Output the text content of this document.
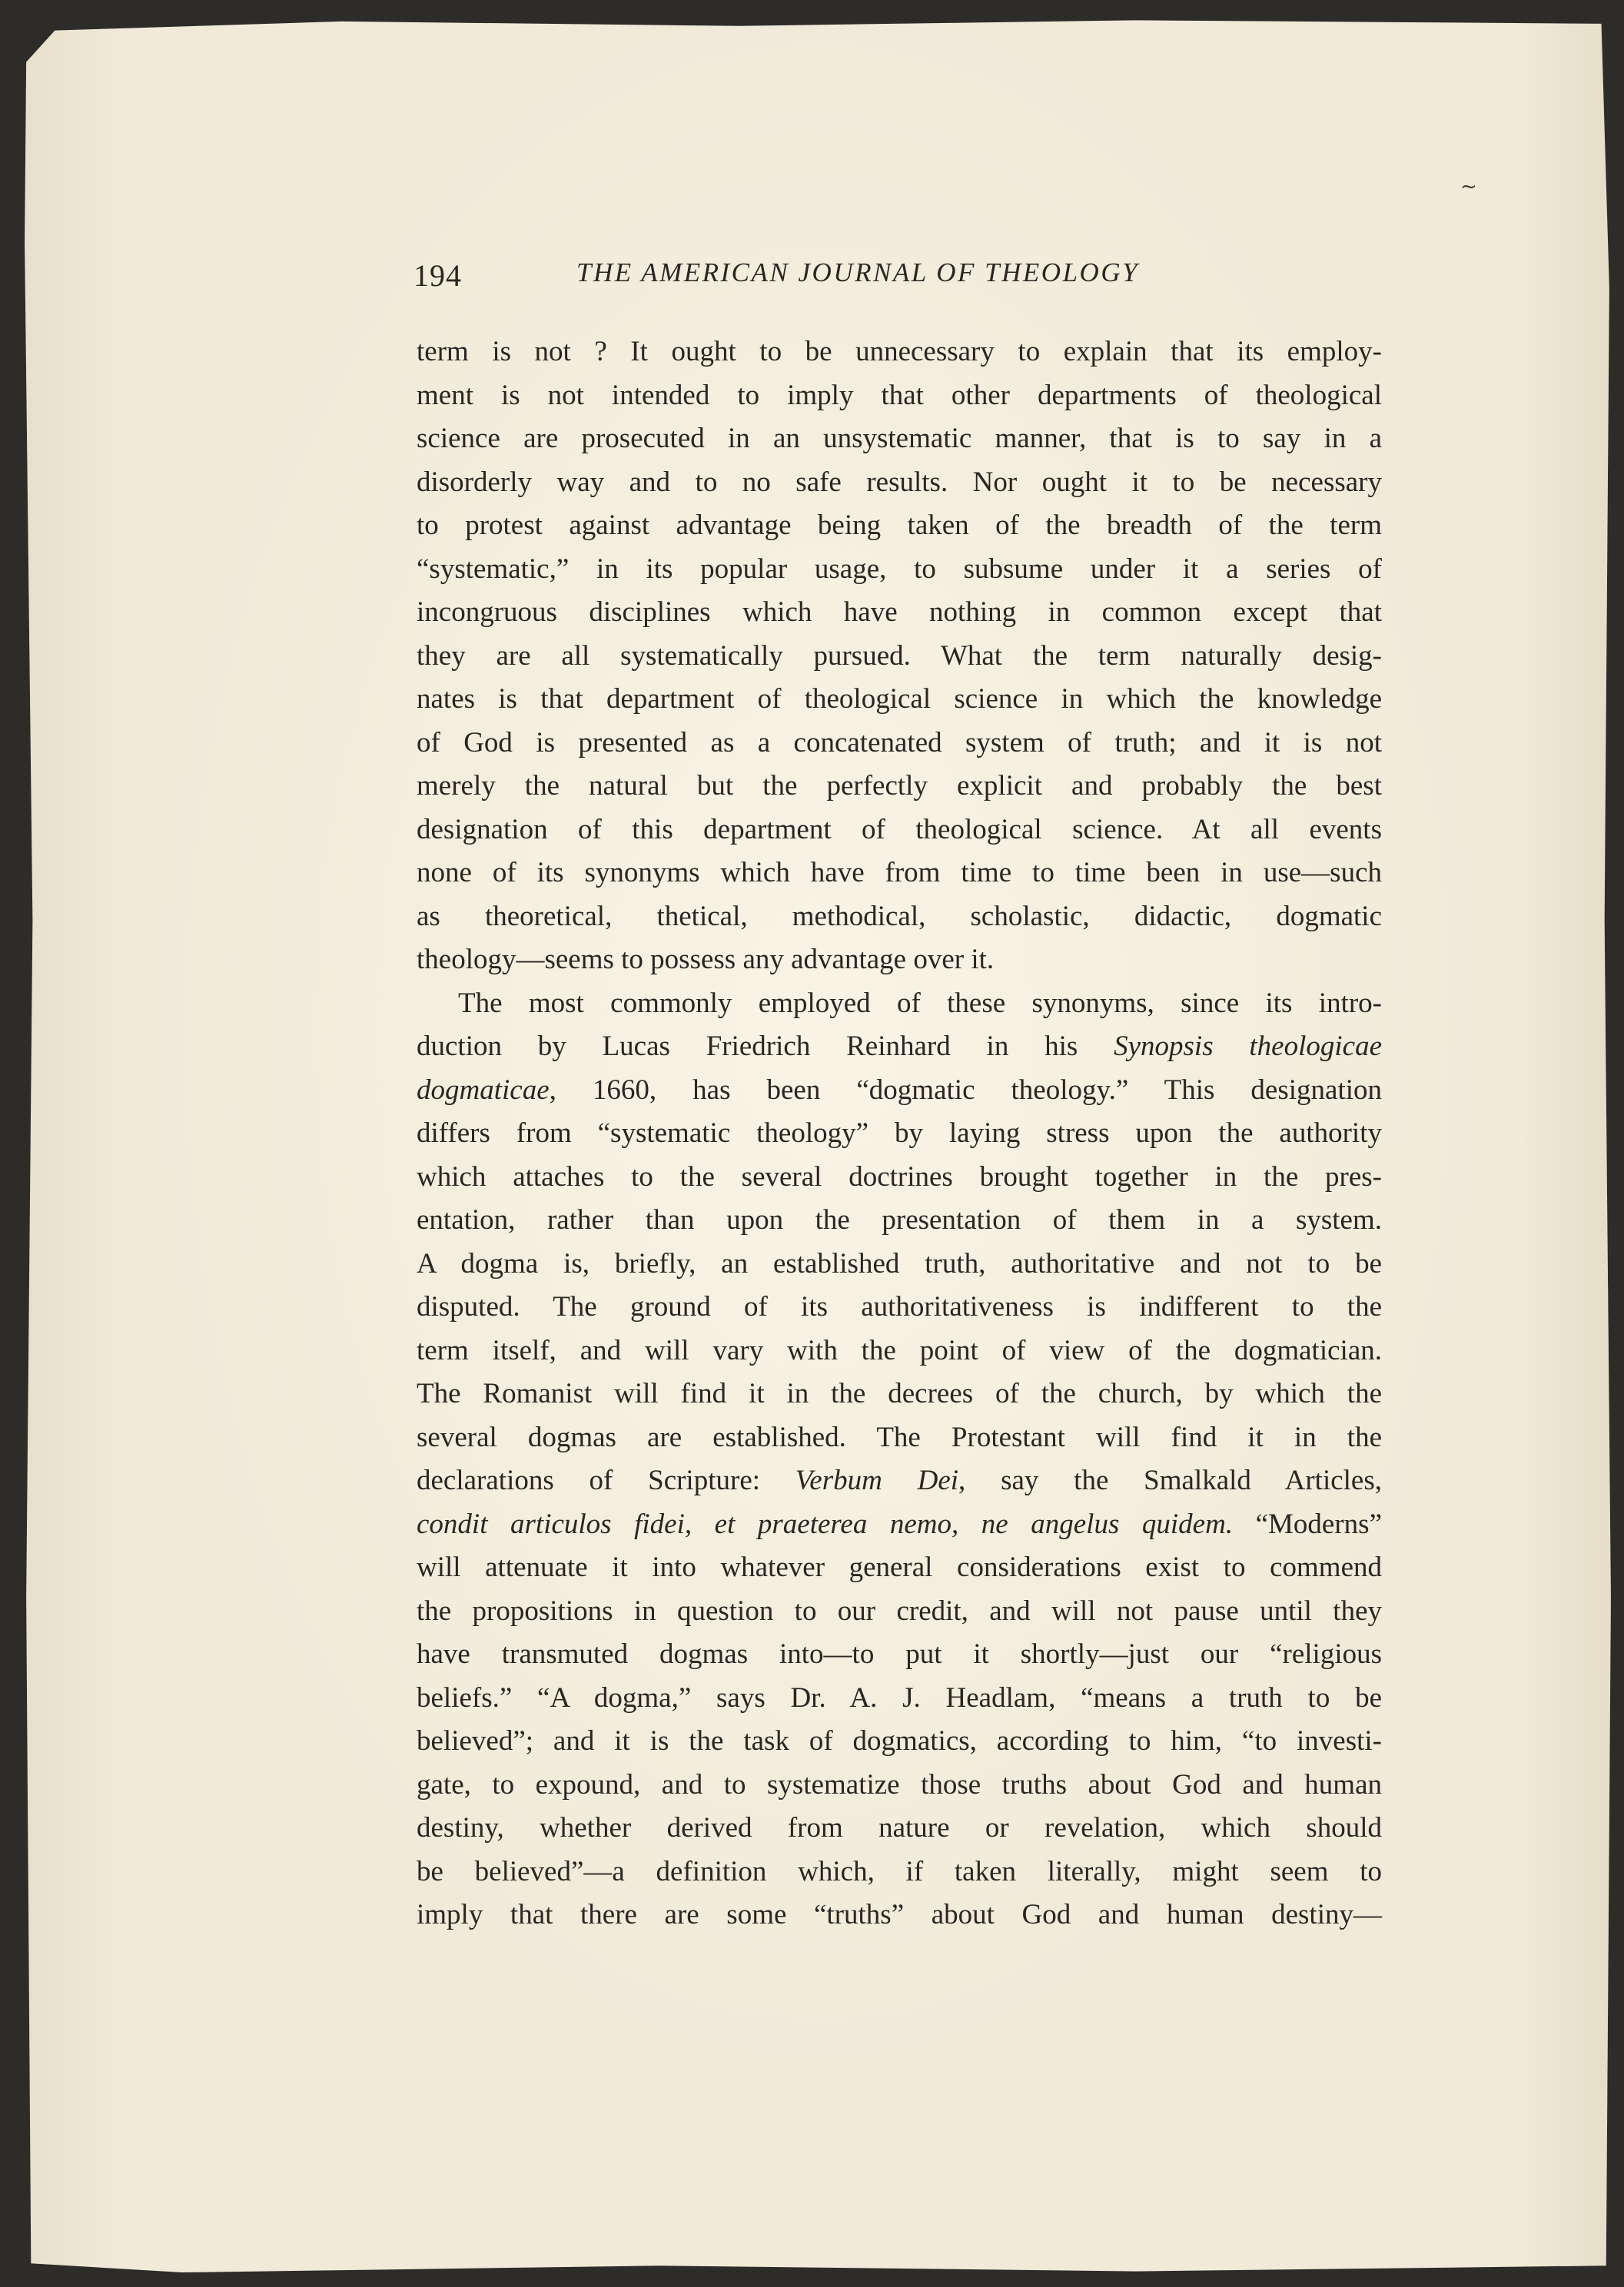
~
194	THE AMERICAN JOURNAL OF THEOLOGY
term is not ? It ought to be unnecessary to explain that its employ-
ment is not intended to imply that other departments of theological
science are prosecuted in an unsystematic manner, that is to say in a
disorderly way and to no safe results. Nor ought it to be necessary
to protest against advantage being taken of the breadth of the term
“systematic,” in its popular usage, to subsume under it a series of
incongruous disciplines which have nothing in common except that
they are all systematically pursued. What the term naturally desig-
nates is that department of theological science in which the knowledge
of God is presented as a concatenated system of truth; and it is not
merely the natural but the perfectly explicit and probably the best
designation of this department of theological science. At all events
none of its synonyms which have from time to time been in use—such
as theoretical, thetical, methodical, scholastic, didactic, dogmatic
theology—seems to possess any advantage over it.
The most commonly employed of these synonyms, since its intro-
duction by Lucas Friedrich Reinhard in his Synopsis theologicae
dogmaticae, 1660, has been “dogmatic theology.” This designation
differs from “systematic theology” by laying stress upon the authority
which attaches to the several doctrines brought together in the pres-
entation, rather than upon the presentation of them in a system.
A dogma is, briefly, an established truth, authoritative and not to be
disputed. The ground of its authoritativeness is indifferent to the
term itself, and will vary with the point of view of the dogmatician.
The Romanist will find it in the decrees of the church, by which the
several dogmas are established. The Protestant will find it in the
declarations of Scripture: Verbum Dei, say the Smalkald Articles,
condit articulos fidei, et praeterea nemo, ne angelus quidem. “Moderns”
will attenuate it into whatever general considerations exist to commend
the propositions in question to our credit, and will not pause until they
have transmuted dogmas into—to put it shortly—just our “religious
beliefs.” “A dogma,” says Dr. A. J. Headlam, “means a truth to be
believed”; and it is the task of dogmatics, according to him, “to investi-
gate, to expound, and to systematize those truths about God and human
destiny, whether derived from nature or revelation, which should
be believed”—a definition which, if taken literally, might seem to
imply that there are some “truths” about God and human destiny—
